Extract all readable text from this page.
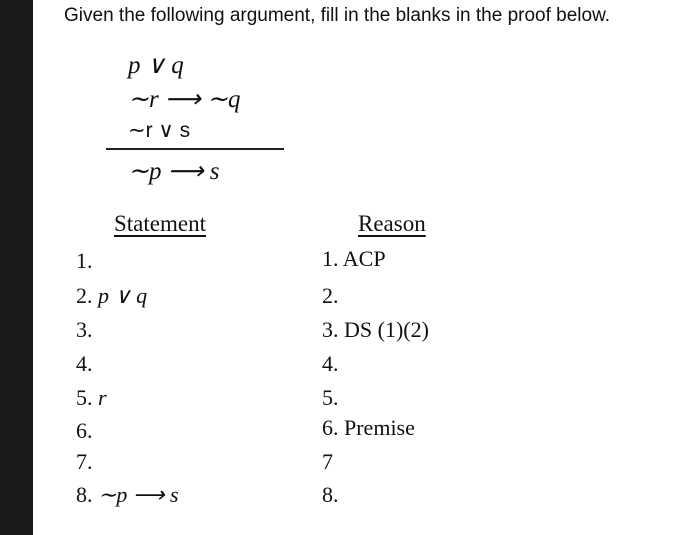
Given the following argument, fill in the blanks in the proof below.
p ∨ q
∼r ⟶ ∼q
∼r ∨ s
∼p ⟶ s
Statement	Reason
1.
2. p ∨ q
3.
4.
5. r
6.
7.
8. ∼p ⟶ s
1. ACP
2.
3. DS (1)(2)
4.
5.
6. Premise
7
8.
